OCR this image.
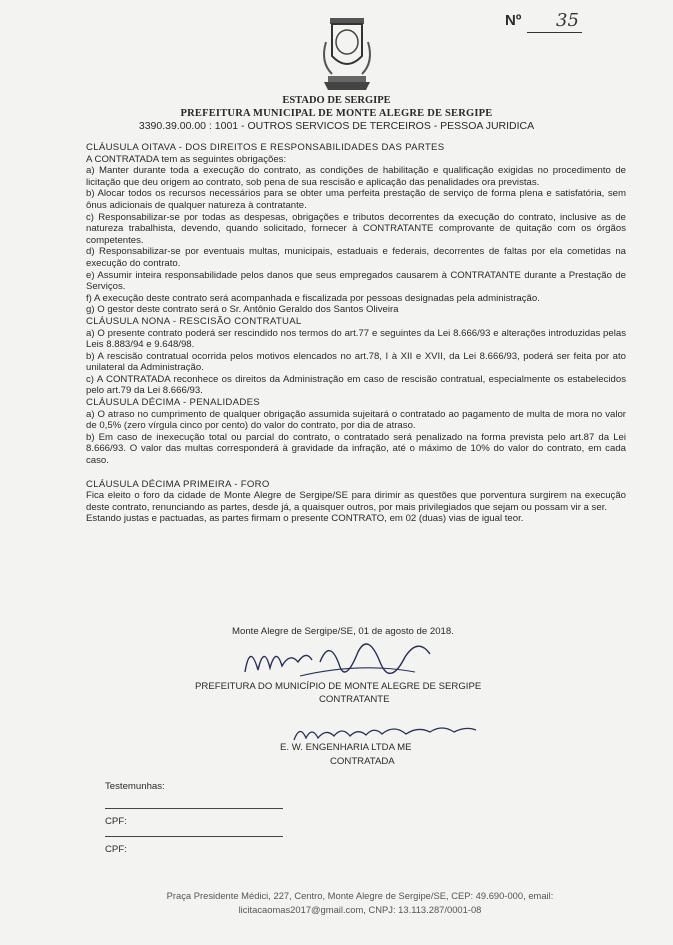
Nº 35
ESTADO DE SERGIPE
PREFEITURA MUNICIPAL DE MONTE ALEGRE DE SERGIPE
3390.39.00.00 : 1001 - OUTROS SERVICOS DE TERCEIROS - PESSOA JURIDICA

CLÁUSULA OITAVA - DOS DIREITOS E RESPONSABILIDADES DAS PARTES

A CONTRATADA tem as seguintes obrigações:

a) Manter durante toda a execução do contrato, as condições de habilitação e qualificação exigidas no procedimento de licitação que deu origem ao contrato, sob pena de sua rescisão e aplicação das penalidades ora previstas.

b) Alocar todos os recursos necessários para se obter uma perfeita prestação de serviço de forma plena e satisfatória, sem ônus adicionais de qualquer natureza à contratante.

c) Responsabilizar-se por todas as despesas, obrigações e tributos decorrentes da execução do contrato, inclusive as de natureza trabalhista, devendo, quando solicitado, fornecer à CONTRATANTE comprovante de quitação com os órgãos competentes.

d) Responsabilizar-se por eventuais multas, municipais, estaduais e federais, decorrentes de faltas por ela cometidas na execução do contrato.

e) Assumir inteira responsabilidade pelos danos que seus empregados causarem à CONTRATANTE durante a Prestação de Serviços.

f) A execução deste contrato será acompanhada e fiscalizada por pessoas designadas pela administração.

g) O gestor deste contrato será o Sr. Antônio Geraldo dos Santos Oliveira

CLÁUSULA NONA - RESCISÃO CONTRATUAL

a) O presente contrato poderá ser rescindido nos termos do art.77 e seguintes da Lei 8.666/93 e alterações introduzidas pelas Leis 8.883/94 e 9.648/98.

b) A rescisão contratual ocorrida pelos motivos elencados no art.78, I à XII e XVII, da Lei 8.666/93, poderá ser feita por ato unilateral da Administração.

c) A CONTRATADA reconhece os direitos da Administração em caso de rescisão contratual, especialmente os estabelecidos pelo art.79 da Lei 8.666/93.

CLÁUSULA DÉCIMA - PENALIDADES

a) O atraso no cumprimento de qualquer obrigação assumida sujeitará o contratado ao pagamento de multa de mora no valor de 0,5% (zero vírgula cinco por cento) do valor do contrato, por dia de atraso.

b) Em caso de inexecução total ou parcial do contrato, o contratado será penalizado na forma prevista pelo art.87 da Lei 8.666/93. O valor das multas corresponderá à gravidade da infração, até o máximo de 10% do valor do contrato, em cada caso.

CLÁUSULA DÉCIMA PRIMEIRA - FORO

Fica eleito o foro da cidade de Monte Alegre de Sergipe/SE para dirimir as questões que porventura surgirem na execução deste contrato, renunciando as partes, desde já, a quaisquer outros, por mais privilegiados que sejam ou possam vir a ser.

Estando justas e pactuadas, as partes firmam o presente CONTRATO, em 02 (duas) vias de igual teor.

Monte Alegre de Sergipe/SE, 01 de agosto de 2018.
PREFEITURA DO MUNICÍPIO DE MONTE ALEGRE DE SERGIPE
CONTRATANTE
E. W. ENGENHARIA LTDA ME
CONTRATADA
Testemunhas:
CPF:
CPF:
Praça Presidente Médici, 227, Centro, Monte Alegre de Sergipe/SE, CEP: 49.690-000, email:
licitacaomas2017@gmail.com, CNPJ: 13.113.287/0001-08
